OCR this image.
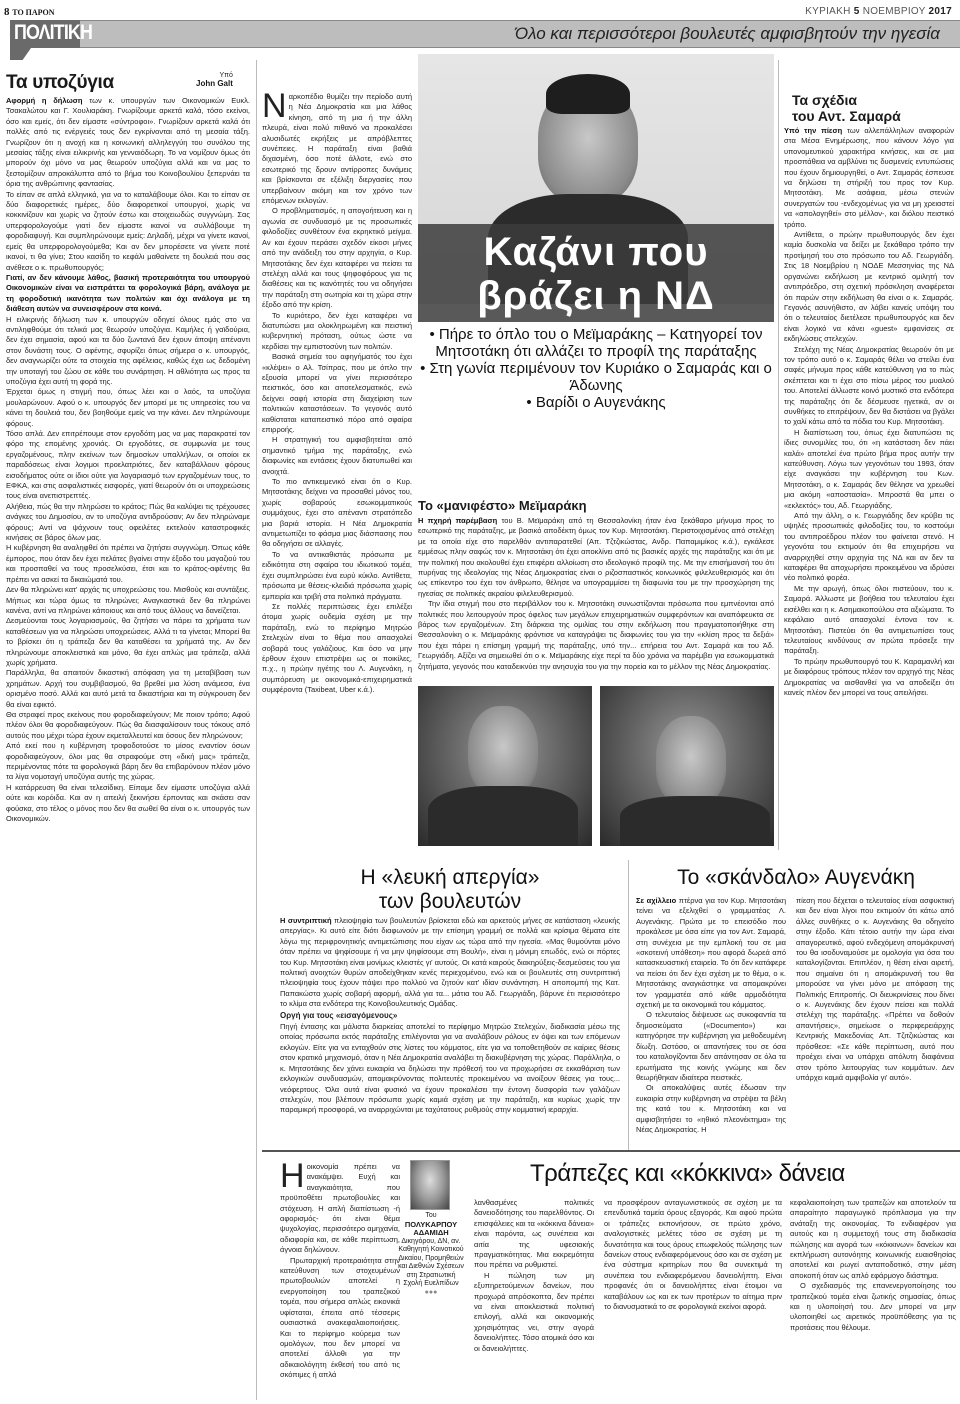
8 ΤΟ ΠΑΡΟΝ	ΚΥΡΙΑΚΗ 5 ΝΟΕΜΒΡΙΟΥ 2017
ΠΟΛΙΤΙΚΗ	Όλο και περισσότεροι βουλευτές αμφισβητούν την ηγεσία
Τα υποζύγια	Υπό
John Galt

Αφορμή η δήλωση των κ. υπουργών των Οικονομικών Ευκλ. Τσακαλώτου και Γ. Χουλιαράκη. Γνωρίζουμε αρκετά καλά, τόσο εκείνοι, όσο και εμείς, ότι δεν είμαστε «σύντροφοι». Γνωρίζουν αρκετά καλά ότι πολλές από τις ενέργειές τους δεν εγκρίνονται από τη μεσαία τάξη. Γνωρίζουν ότι η ανοχή και η κοινωνική αλληλεγγύη του συνόλου της μεσαίας τάξης είναι ειλικρινής και γενναιόδωρη. Το να νομίζουν όμως ότι μπορούν όχι μόνο να μας θεωρούν υποζύγια αλλά και να μας το ξεστομίζουν απροκάλυπτα από το βήμα του Κοινοβουλίου ξεπερνάει τα όρια της ανθρώπινης φαντασίας.

Το είπαν σε απλά ελληνικά, για να το καταλάβουμε όλοι. Και το είπαν σε δύο διαφορετικές ημέρες, δύο διαφορετικοί υπουργοί, χωρίς να κοκκινίζουν και χωρίς να ζητούν έστω και στοιχειωδώς συγγνώμη. Σας υπερφορολογούμε γιατί δεν είμαστε ικανοί να συλλάβουμε τη φοροδιαφυγή. Και συμπληρώνουμε εμείς: Δηλαδή, μέχρι να γίνετε ικανοί, εμείς θα υπερφορολογούμεθα; Και αν δεν μπορέσετε να γίνετε ποτέ ικανοί, τι θα γίνει; Στου κασίδη το κεφάλι μαθαίνετε τη δουλειά που σας ανέθεσε ο κ. πρωθυπουργός;

Γιατί, αν δεν κάνουμε λάθος, βασική προτεραιότητα του υπουργού Οικονομικών είναι να εισπράττει τα φορολογικά βάρη, ανάλογα με τη φοροδοτική ικανότητα των πολιτών και όχι ανάλογα με τη διάθεση αυτών να συνεισφέρουν στα κοινά.

Η ειλικρινής δήλωση των κ. υπουργών οδηγεί όλους εμάς στο να αντιληφθούμε ότι τελικά μας θεωρούν υποζύγια. Καμήλες ή γαϊδούρια, δεν έχει σημασία, αφού και τα δύο ζωντανά δεν έχουν άποψη απέναντι στον δυνάστη τους. Ο αφέντης, σφυρίζει όπως σήμερα ο κ. υπουργός, δεν αναγνωρίζει ούτε τα στοιχεία της αφέλειας, καθώς έχει ως δεδομένη την υποταγή του ζώου σε κάθε του συνάρτηση. Η αθλιότητα ως προς τα υποζύγια έχει αυτή τη φορά της.

Έρχεται όμως η στιγμή που, όπως λέει και ο λαός, τα υποζύγια μουλαρώνουν. Αφού ο κ. υπουργός δεν μπορεί με τις υπηρεσίες του να κάνει τη δουλειά του, δεν βοηθούμε εμείς να την κάνει. Δεν πληρώνουμε φόρους.

Τόσο απλά. Δεν επιτρέπουμε στον εργοδότη μας να μας παρακρατεί τον φόρο της επομένης χρονιάς. Οι εργοδότες, σε συμφωνία με τους εργαζομένους, πλην εκείνων των δημοσίων υπαλλήλων, οι οποίοι εκ παραδόσεως είναι λογιμοι προελατριότες, δεν καταβάλλουν φόρους εισοδήματος ούτε οι ίδιοι ούτε για λογαριασμό των εργαζομένων τους, το ΕΦΚΑ, και στις ασφαλιστικές εισφορές, γιατί θεωρούν ότι οι υποχρεώσεις τους είναι ανεπιστρεπτές.

Αλήθεια, πώς θα την πληρώσει το κράτος; Πώς θα καλύψει τις τρέχουσες ανάγκες του Δημοσίου, αν το υποζύγια αντιδρούσαν; Αν δεν πληρώναμε φόρους; Αντί να ψάχνουν τους οφειλέτες εκτελούν καταστροφικές κινήσεις σε βάρος όλων μας.

Η κυβέρνηση θα αναληφθεί ότι πρέπει να ζητήσει συγγνώμη. Όπως κάθε έμπορος, που όταν δεν έχει πελάτες βγαίνει στην έξοδο του μαγαζιού του και προσπαθεί να τους προσελκύσει, έτσι και το κράτος-αφέντης θα πρέπει να ασκεί τα δικαιώματά του.

Δεν θα πληρώνει κατ' αρχάς τις υποχρεώσεις του. Μισθούς και συντάξεις. Μήπως και τώρα όμως τα πληρώνει; Αναγκαστικά δεν θα πληρώνει κανένα, αντί να πληρώνει κάποιους και από τους άλλους να δανείζεται.

Δεσμεύονται τους λογαριασμούς, θα ζητήσει να πάρει τα χρήματα των καταθέσεων για να πληρώσει υποχρεώσεις. Αλλά τι τα γίνεται; Μπορεί θα το βρίσκει ότι η τράπεζα δεν θα καταθέσει τα χρήματά της. Αν δεν πληρώνουμε αποκλειστικά και μόνο, θα έχει απλώς μια τράπεζα, αλλά χωρίς χρήματα.

Παράλληλα, θα απαιτούν δικαστική απόφαση για τη μεταβίβαση των χρημάτων. Αρχή του συμβιβασμού, θα βρεθεί μια λύση ανάμεσα, ένα ορισμένο ποσό. Αλλά και αυτό μετά τα δικαστήρια και τη σύγκρουση δεν θα είναι εφικτό.

Θα στραφεί προς εκείνους που φοροδιαφεύγουν; Με ποιον τρόπο; Αφού πλέον όλοι θα φοροδιαφεύγουν. Πώς θα διασφαλίσουν τους τόκους από αυτούς που μέχρι τώρα έχουν εκμεταλλευτεί και όσους δεν πληρώνουν;

Από εκεί που η κυβέρνηση τροφοδοτούσε το μίσος εναντίον όσων φοροδιαφεύγουν, όλοι μας θα στραφούμε στη «δική μας» τράπεζα, περιμένοντας πότε τα φορολογικά βάρη δεν θα επιβαρύνουν πλέον μόνο τα λίγα νομοταγή υποζύγια αυτής της χώρας.

Η κατάρρευση θα είναι τελεσίδικη. Είπαμε δεν είμαστε υποζύγια αλλά ούτε και κορόιδα. Και αν η απειλή ξεκινήσει έρποντας και σκάσει σαν φούσκα, στο τέλος ο μόνος που δεν θα σωθεί θα είναι ο κ. υπουργός των Οικονομικών.

Ναρκοπέδιο θυμίζει την περίοδο αυτή η Νέα Δημοκρατία και μια λάθος κίνηση, από τη μια ή την άλλη πλευρά, είναι πολύ πιθανό να προκαλέσει αλυσιδωτές εκρήξεις με απρόβλεπτες συνέπειες. Η παράταξη είναι βαθιά διχασμένη, όσο ποτέ άλλοτε, ενώ στο εσωτερικό της δρουν αντίρροπες δυνάμεις και βρίσκονται σε εξέλιξη διεργασίες που υπερβαίνουν ακόμη και τον χρόνο των επόμενων εκλογών.

Ο προβληματισμός, η απογοήτευση και η αγωνία σε συνδυασμό με τις προσωπικές φιλοδοξίες συνθέτουν ένα εκρηκτικό μείγμα. Αν και έχουν περάσει σχεδόν είκοσι μήνες από την ανάδειξη του στην αρχηγία, ο Κυρ. Μητσοτάκης δεν έχει καταφέρει να πείσει τα στελέχη αλλά και τους ψηφοφόρους για τις διαθέσεις και τις ικανότητές του να οδηγήσει την παράταξη στη σωτηρία και τη χώρα στην έξοδο από την κρίση.

Το κυριότερο, δεν έχει καταφέρει να διατυπώσει μια ολοκληρωμένη και πειστική κυβερνητική πρόταση, ούτως ώστε να κερδίσει την εμπιστοσύνη των πολιτών.

Βασικά σημεία του αφηγήματός του έχει «κλέψει» ο Αλ. Τσίπρας, που με όπλο την εξουσία μπορεί να γίνει περισσότερο πειστικός, όσο και αποτελεσματικός, ενώ δείχνει σαφή ιστορία στη διαχείριση των πολιτικών καταστάσεων. Το γεγονός αυτό καθίσταται καταπειστικό πόρο από σφαίρα επιρροής.

Η στρατηγική του αμφισβητείται από σημαντικό τμήμα της παράταξης, ενώ διαφωνίες και εντάσεις έχουν διατυπωθεί και ανοιχτά.

Το πιο αντικειμενικό είναι ότι ο Κυρ. Μητσοτάκης δείχνει να προσαθεί μόνος του, χωρίς σοβαρούς εσωκομματικούς συμμάχους, έχει στο απέναντι στρατόπεδο μια βαριά ιστορία. Η Νέα Δημοκρατία αντιμετωπίζει το φάσμα μιας διάσπασης που θα οδηγήσει σε αλλαγές.

Το να αντικαθιστάς πρόσωπα με ειδικότητα στη σφαίρα του ιδιωτικού τομέα, έχει συμπληρώσει ένα ευρύ κύκλο. Αντίθετα, πρόσωπα με θέσεις-κλειδιά πρόσωπα χωρίς εμπειρία και τριβή στα πολιτικά πράγματα.

Σε πολλές περιπτώσεις έχει επιλέξει άτομα χωρίς ουδεμία σχέση με την παράταξη, ενώ το περίφημο Μητρώο Στελεχών είναι το θέμα που απασχολεί σοβαρά τους γαλάζιους. Και όσο να μην έρθουν έχουν επιστρέψει ως οι ποικίλες, π.χ., η πρώην ηγέτης του Λ. Αυγενάκη, η συμπόρευση με οικονομικά-επιχειρηματικά συμφέροντα (Taxibeat, Uber κ.ά.).

Καζάνι που
βράζει η ΝΔ
• Πήρε το όπλο του ο Μεϊμαράκης – Κατηγορεί τον Μητσοτάκη ότι αλλάζει το προφίλ της παράταξης
• Στη γωνία περιμένουν τον Κυριάκο ο Σαμαράς και ο Άδωνης
• Βαρίδι ο Αυγενάκης
Το «μανιφέστο» Μεϊμαράκη

Η πχηρή παρέμβαση του Β. Μεϊμαράκη από τη Θεσσαλονίκη ήταν ένα ξεκάθαρο μήνυμα προς το εσωτερικό της παράταξης, με βασικό αποδέκτη όμως τον Κυρ. Μητσοτάκη. Περιστοιχισμένος από στελέχη με τα οποία είχε στο παρελθόν αντιπαρατεθεί (Απ. Τζτζικώστας, Ανδρ. Παπαμιμίκος κ.ά.), εγκάλεσε εμμέσως πλην σαφώς τον κ. Μητσοτάκη ότι έχει αποκλίνει από τις βασικές αρχές της παράταξης και ότι με την πολιτική που ακολουθεί έχει επιφέρει αλλοίωση στο ιδεολογικό προφίλ της. Με την επισήμανσή του ότι πυρήνας της ιδεολογίας της Νέας Δημοκρατίας είναι ο ριζοσπαστικός κοινωνικός φιλελευθερισμός και ότι ως επίκεντρο του έχει τον άνθρωπο, θέλησε να υπογραμμίσει τη διαφωνία του με την προσχώρηση της ηγεσίας σε πολιτικές ακραίου φιλελευθερισμού.

Την ίδια στιγμή που στο περιβάλλον του κ. Μητσοτάκη συνωστίζονται πρόσωπα που εμπνέονται από πολιτικές που λειτουργούν προς όφελος των μεγάλων επιχειρηματικών συμφερόντων και αναπόφευκτα σε βάρος των εργαζομένων. Στη διάρκεια της ομιλίας του στην εκδήλωση που πραγματοποιήθηκε στη Θεσσαλονίκη ο κ. Μεϊμαράκης φρόντισε να καταγράψει τις διαφωνίες του για την «κλίση προς τα δεξιά» που έχει πάρει η επίσημη γραμμή της παράταξης, υπό την... επήρεια του Αντ. Σαμαρά και του Άδ. Γεωργιάδη. Αξίζει να σημειωθεί ότι ο κ. Μεϊμαράκης είχε περί τα δύο χρόνια να παρέμβει για εσωκομματικά ζητήματα, γεγονός που καταδεικνύει την ανησυχία του για την πορεία και το μέλλον της Νέας Δημοκρατίας.

Τα σχέδια
του Αντ. Σαμαρά

Υπό την πίεση των αλλεπάλληλων αναφορών στα Μέσα Ενημέρωσης, που κάνουν λόγο για υπονομευτικού χαρακτήρα κινήσεις, και σε μια προσπάθεια να αμβλύνει τις δυσμενείς εντυπώσεις που έχουν δημιουργηθεί, ο Αντ. Σαμαράς έσπευσε να δηλώσει τη στήριξή του προς τον Κυρ. Μητσοτάκη. Με ασάφεια, μέσω στενών συνεργατών του -ενδεχομένως για να μη χρειαστεί να «απολογηθεί» στο μέλλον-, και διόλου πειστικό τρόπο.

Αντίθετα, ο πρώην πρωθυπουργός δεν έχει καμία δυσκολία να δείξει με ξεκάθαρο τρόπο την προτίμησή του στο πρόσωπο του Αδ. Γεωργιάδη. Στις 18 Νοεμβρίου η ΝΟΔΕ Μεσσηνίας της ΝΔ οργανώνει εκδήλωση με κεντρικό ομιλητή τον αντιπρόεδρο, στη σχετική πρόσκληση αναφέρεται ότι παρών στην εκδήλωση θα είναι ο κ. Σαμαράς. Γεγονός ασυνήθιστο, αν λάβει κανείς υπόψη του ότι ο τελευταίος διετέλεσε πρωθυπουργός και δεν είναι λογικό να κάνει «guest» εμφανίσεις σε εκδηλώσεις στελεχών.

Στελέχη της Νέας Δημοκρατίας θεωρούν ότι με τον τρόπο αυτό ο κ. Σαμαράς θέλει να στείλει ένα σαφές μήνυμα προς κάθε κατεύθυνση για το πώς σκέπτεται και τι έχει στο πίσω μέρος του μυαλού του. Αποτελεί άλλωστε κοινό μυστικό στα ενδότερα της παράταξης ότι δε δέσμευσε ηγετικά, αν οι συνθήκες το επιτρέψουν, δεν θα διστάσει να βγάλει το χαλί κάτω από τα πόδια του Κυρ. Μητσοτάκη.

Η διαπίστωση του, όπως έχει διατυπώσει τις ίδιες συνομιλίες του, ότι «η κατάσταση δεν πάει καλά» αποτελεί ένα πρώτο βήμα προς αυτήν την κατεύθυνση. Λόγω των γεγονότων του 1993, όταν είχε αναγκάσει την κυβέρνηση του Κων. Μητσοτάκη, ο κ. Σαμαράς δεν θέλησε να χρεωθεί μια ακόμη «αποστασία». Μπροστά θα μπει ο «εκλεκτός» του, Αδ. Γεωργιάδης.

Από την άλλη, ο κ. Γεωργιάδης δεν κρύβει τις υψηλές προσωπικές φιλοδοξίες του, το κοστούμι του αντιπροέδρου πλέον του φαίνεται στενό. Η γεγονότα του εκτιμούν ότι θα επιχειρήσει να αναρριχηθεί στην αρχηγία της ΝΔ και αν δεν τα καταφέρει θα αποχωρήσει προκειμένου να ιδρύσει νέο πολιτικό φορέα.

Με την αρωγή, όπως όλοι πιστεύουν, του κ. Σαμαρά. Άλλωστε με βοήθεια του τελευταίου έχει εισέλθει και η κ. Ασημακοπούλου στα αξιώματα. Το κεφάλαιο αυτό απασχολεί έντονα τον κ. Μητσοτάκη. Πιστεύει ότι θα αντιμετωπίσει τους τελευταίους κινδύνους αν πρώτα πρόσεξε την παράταξη.

Το πρώην πρωθυπουργό του Κ. Καραμανλή και με διαφόρους τρόπους πλέον τον αρχηγό της Νέας Δημοκρατίας να αισθανθεί για να αποδείξει ότι κανείς πλέον δεν μπορεί να τους απειλήσει.

Η «λευκή απεργία»
των βουλευτών

Η συντριπτική πλειοψηφία των βουλευτών βρίσκεται εδώ και αρκετούς μήνες σε κατάσταση «λευκής απεργίας». Κι αυτό είτε διότι διαφωνούν με την επίσημη γραμμή σε πολλά και κρίσιμα θέματα είτε λόγω της περιφρονητικής αντιμετώπισης που είχαν ως τώρα από την ηγεσία. «Μας θυμούνται μόνο όταν πρέπει να ψηφίσουμε ή να μην ψηφίσουμε στη Βουλή», είναι η μόνιμη επωδός, ενώ οι πόρτες του Κυρ. Μητσοτάκη είναι μονίμως κλειστές γι' αυτούς. Οι κατά καιρούς διακηρύξεις-δεσμεύσεις του για πολιτική ανοιχτών θυρών αποδείχθηκαν κενές περιεχομένου, ενώ και οι βουλευτές στη συντριπτική πλειοψηφία τους έχουν πάψει προ πολλού να ζητούν κατ' ιδίαν συνάντηση. Η αποπομπή της Κατ. Παπακώστα χωρίς σοβαρή αφορμή, αλλά για τα... μάτια του Άδ. Γεωργιάδη, βάρυνε έτι περισσότερο το κλίμα στα ενδότερα της Κοινοβουλευτικής Ομάδας.

Οργή για τους «εισαγόμενους»

Πηγή έντασης και μάλιστα διαρκείας αποτελεί το περίφημο Μητρώο Στελεχών, διαδικασία μέσω της οποίας πρόσωπα εκτός παράταξης επιλέγονται για να αναλάβουν ρόλους εν όψει και των επόμενων εκλογών. Είτε για να ενταχθούν στις λίστες του κόμματος, είτε για να τοποθετηθούν σε καίριες θέσεις στον κρατικό μηχανισμό, όταν η Νέα Δημοκρατία αναλάβει τη διακυβέρνηση της χώρας. Παράλληλα, ο κ. Μητσοτάκης δεν χάνει ευκαιρία να δηλώσει την πρόθεσή του να προχωρήσει σε εκκαθάριση των εκλογικών συνδυασμών, απομακρύνοντας πολιτευτές προκειμένου να ανοίξουν θέσεις για τους... νεόφερτους. Όλα αυτά είναι φυσικό να έχουν προκαλέσει την έντονη δυσφορία των γαλάζιων στελεχών, που βλέπουν πρόσωπα χωρίς καμιά σχέση με την παράταξη, και κυρίως χωρίς την παραμικρή προσφορά, να αναρριχώνται με ταχύτατους ρυθμούς στην κομματική ιεραρχία.

Το «σκάνδαλο» Αυγενάκη

Σε αχίλλειο πτέρνα για τον Κυρ. Μητσοτάκη τείνει να εξελιχθεί ο γραμματέας Λ. Αυγενάκης. Πρώτα με το επεισόδιο που προκάλεσε με όσα είπε για τον Αντ. Σαμαρά, στη συνέχεια με την εμπλοκή του σε μια «σκοτεινή υπόθεση» που αφορά δωρεά από κατασκευαστική εταιρεία. Το ότι δεν κατάφερε να πείσει ότι δεν έχει σχέση με το θέμα, ο κ. Μητσοτάκης αναγκάστηκε να απομακρύνει τον γραμματέα από κάθε αρμοδιότητα σχετική με τα οικονομικά του κόμματος.

Ο τελευταίος διέψευσε ως συκοφαντία τα δημοσιεύματα («Documento») και κατηγόρησε την κυβέρνηση για μεθοδευμένη δίωξη. Ωστόσο, οι απαντήσεις του σε όσα του καταλογίζονται δεν απάντησαν σε όλα τα ερωτήματα της κοινής γνώμης και δεν θεωρήθηκαν ιδιαίτερα πειστικές.

Οι αποκαλύψεις αυτές έδωσαν την ευκαιρία στην κυβέρνηση να στρέψει τα βέλη της κατά του κ. Μητσοτάκη και να αμφισβητήσει το «ηθικό πλεονέκτημα» της Νέας Δημοκρατίας. Η

πίεση που δέχεται ο τελευταίος είναι ασφυκτική και δεν είναι λίγοι που εκτιμούν ότι κάτω από άλλες συνθήκες ο κ. Αυγενάκης θα οδηγείτο στην έξοδο. Κάτι τέτοιο αυτήν την ώρα είναι απαγορευτικό, αφού ενδεχόμενη απομάκρυνσή του θα ισοδυναμούσε με ομολογία για όσα του καταλογίζονται. Επιπλέον, η θέση είναι αιρετή, που σημαίνει ότι η απομάκρυνσή του θα μπορούσε να γίνει μόνο με απόφαση της Πολιτικής Επιτροπής. Οι διευκρινίσεις που δίνει ο κ. Αυγενάκης δεν έχουν πείσει και πολλά στελέχη της παράταξης. «Πρέπει να δοθούν απαντήσεις», σημείωσε ο περιφερειάρχης Κεντρικής Μακεδονίας Απ. Τζιτζικώστας και πρόσθεσε: «Σε κάθε περίπτωση, αυτό που προέχει είναι να υπάρχει απόλυτη διαφάνεια στον τρόπο λειτουργίας των κομμάτων. Δεν υπάρχει καμιά αμφιβολία γι' αυτό».

Τράπεζες και «κόκκινα» δάνεια

Ηοικονομία πρέπει να ανακάμψει. Ευχή και αναγκαιότητα, που προϋποθέτει πρωτοβουλίες και στόχευση. Η απλή διαπίστωση -ή αφορισμός- ότι είναι θέμα ψυχολογίας, περισσότερο αμηχανία, αδιαφορία και, σε κάθε περίπτωση, άγνοια δηλώνουν.

Πρωταρχική προτεραιότητα στην κατεύθυνση των στοχευμένων πρωτοβουλιών αποτελεί η ενεργοποίηση του τραπεζικού τομέα, που σήμερα απλώς εικονικά υφίσταται, έπειτα από τέσσερις ουσιαστικά ανακεφαλαιοποιήσεις. Και το περίφημο κούρεμα των ομολόγων, που δεν μπορεί να αποτελεί άλλοθι για την αδικαιολόγητη έκθεσή του από τις σκόπιμες ή απλά

Του
ΠΟΛΥΚΑΡΠΟΥ
ΑΔΑΜΙΔΗ
Δικηγόρου, ΔΝ, αν. Καθηγητή Κοινοτικού Δικαίου, Προμηθειών και Διεθνών Σχέσεων στη Στρατιωτική Σχολή Ευελπίδων
●●●

λανθασμένες πολιτικές δανειοδότησης του παρελθόντος. Οι επισφάλειες και τα «κόκκινα δάνεια» είναι παρόντα, ως συνέπεια και αιτία της υφεσιακής πραγματικότητας. Μια εκκρεμότητα που πρέπει να ρυθμιστεί.

Η πώληση των μη εξυπηρετούμενων δανείων, που προχωρά απρόσκοπτα, δεν πρέπει να είναι αποκλειστικά πολιτική επιλογή, αλλά και οικονομικής χρησιμότητας νει, στην αγορά δανειολήπτες. Τόσο ατομικά όσο και οι δανειολήπτες.

να προσφέρουν ανταγωνιστικούς σε σχέση με τα επενδυτικά ταμεία όρους εξαγοράς. Και αφού πρώτα οι τράπεζες εκπονήσουν, σε πρώτο χρόνο, αναλογιστικές μελέτες τόσο σε σχέση με τη δυνατότητα και τους όρους επωφελούς πώλησης των δανείων στους ενδιαφερόμενους όσο και σε σχέση με ένα σύστημα κριτηρίων που θα συνεκτιμά τη συνέπεια του ενδιαφερόμενου δανειολήπτη. Είναι προφανές ότι οι δανειολήπτες είναι έτοιμοι να καταβάλουν ως και εκ των προτέρων το αίτημα πριν το διανυσματικά το σε φορολογικά εκείνοι αφορά.

κεφαλαιοποίηση των τραπεζών και αποτελούν τα απαραίτητο παραγωγικό πρόπλασμα για την ανάταξη της οικονομίας. Το ενδιαφέρον για αυτούς και η συμμετοχή τους στη διαδικασία πώλησης και αγορά των «κόκκινων» δανείων και εκπλήρωση αυτονόητης κοινωνικής ευαισθησίας αποτελεί και ρωγεί ανταποδοτικό, στην μέση αποκοπή όταν ως απλό εφάρμογο διάστημα.

Ο σχεδιασμός της επανενεργοποίησης του τραπεζικού τομέα είναι ζωτικής σημασίας, όπως και η υλοποίησή του. Δεν μπορεί να μην υλοποιηθεί ως αιρετικός προϋπόθεσης για τις προτάσεις που θέλουμε.
